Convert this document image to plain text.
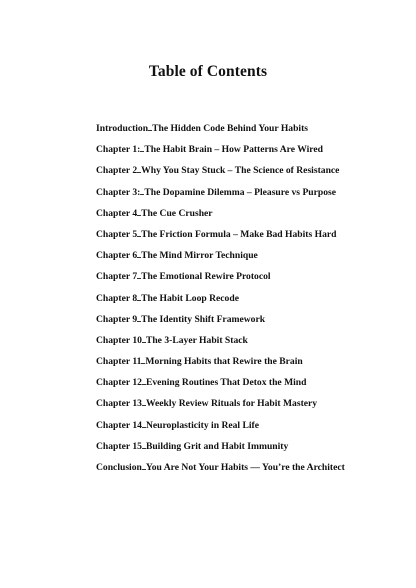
Table of Contents
Introduction The Hidden Code Behind Your Habits
Chapter 1: The Habit Brain – How Patterns Are Wired
Chapter 2 Why You Stay Stuck – The Science of Resistance
Chapter 3: The Dopamine Dilemma – Pleasure vs Purpose
Chapter 4 The Cue Crusher
Chapter 5 The Friction Formula – Make Bad Habits Hard
Chapter 6 The Mind Mirror Technique
Chapter 7 The Emotional Rewire Protocol
Chapter 8 The Habit Loop Recode
Chapter 9 The Identity Shift Framework
Chapter 10 The 3-Layer Habit Stack
Chapter 11 Morning Habits that Rewire the Brain
Chapter 12 Evening Routines That Detox the Mind
Chapter 13 Weekly Review Rituals for Habit Mastery
Chapter 14 Neuroplasticity in Real Life
Chapter 15 Building Grit and Habit Immunity
Conclusion You Are Not Your Habits — You’re the Architect
